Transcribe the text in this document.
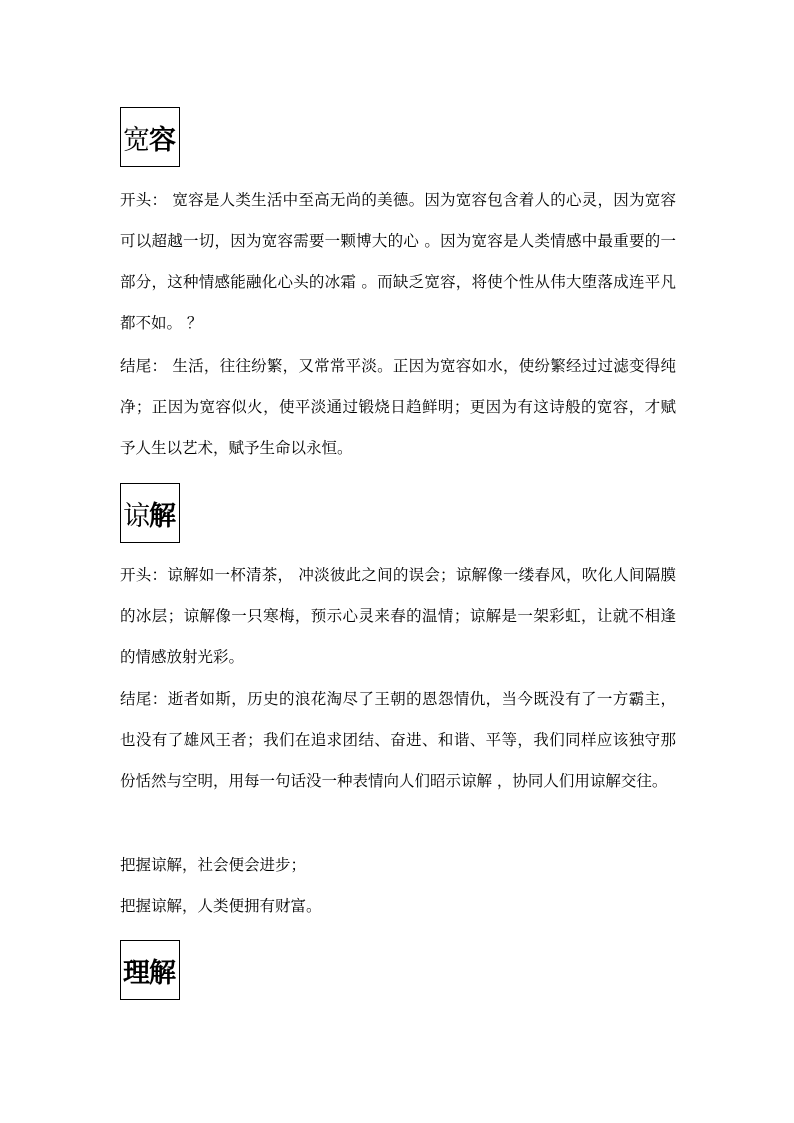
宽 容

开头： 宽容是人类生活中至高无尚的美德。因为宽容包含着人的心灵，因为宽容可以超越一切，因为宽容需要一颗博大的心 。因为宽容是人类情感中最重要的一部分，这种情感能融化心头的冰霜 。而缺乏宽容，将使个性从伟大堕落成连平凡都不如。 ？

结尾： 生活，往往纷繁，又常常平淡。正因为宽容如水，使纷繁经过过滤变得纯净；正因为宽容似火，使平淡通过锻烧日趋鲜明；更因为有这诗般的宽容，才赋予人生以艺术，赋予生命以永恒。

谅 解

开头：谅解如一杯清茶， 冲淡彼此之间的误会；谅解像一缕春风，吹化人间隔膜的冰层；谅解像一只寒梅，预示心灵来春的温情；谅解是一架彩虹，让就不相逢的情感放射光彩。

结尾：逝者如斯，历史的浪花淘尽了王朝的恩怨情仇，当今既没有了一方霸主，也没有了雄风王者；我们在追求团结、奋进、和谐、平等，我们同样应该独守那份恬然与空明，用每一句话没一种表情向人们昭示谅解 ，协同人们用谅解交往。

把握谅解，社会便会进步；

把握谅解，人类便拥有财富。

理解
